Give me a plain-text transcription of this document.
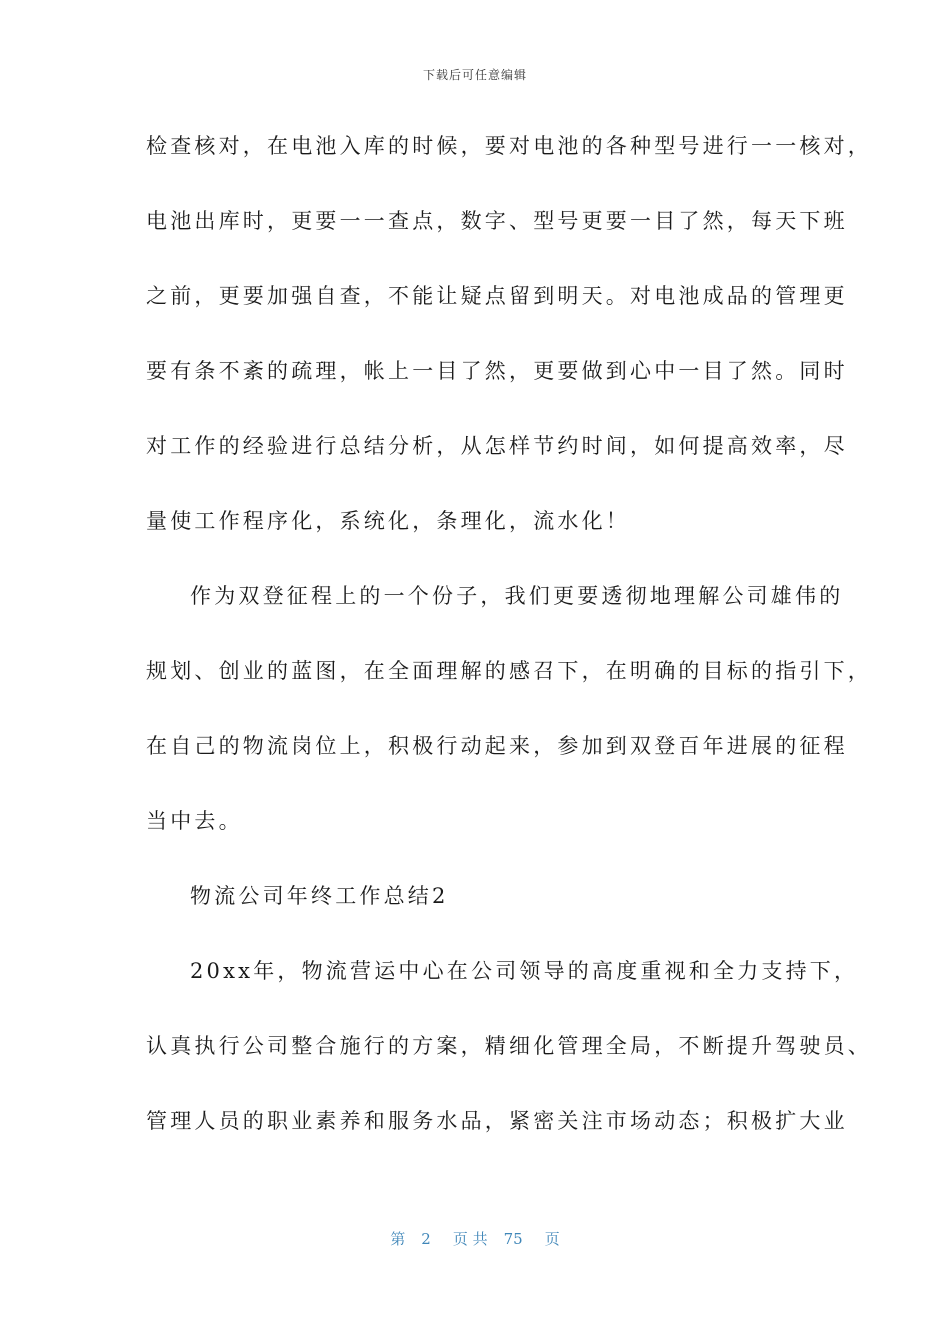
下载后可任意编辑
检查核对，在电池入库的时候，要对电池的各种型号进行一一核对，
电池出库时，更要一一查点，数字、型号更要一目了然，每天下班
之前，更要加强自查，不能让疑点留到明天。对电池成品的管理更
要有条不紊的疏理，帐上一目了然，更要做到心中一目了然。同时
对工作的经验进行总结分析，从怎样节约时间，如何提高效率，尽
量使工作程序化，系统化，条理化，流水化！
作为双登征程上的一个份子，我们更要透彻地理解公司雄伟的
规划、创业的蓝图，在全面理解的感召下，在明确的目标的指引下，
在自己的物流岗位上，积极行动起来，参加到双登百年进展的征程
当中去。
物流公司年终工作总结2
20xx年，物流营运中心在公司领导的高度重视和全力支持下，
认真执行公司整合施行的方案，精细化管理全局，不断提升驾驶员、
管理人员的职业素养和服务水品，紧密关注市场动态；积极扩大业
第 2 页 共 75 页
